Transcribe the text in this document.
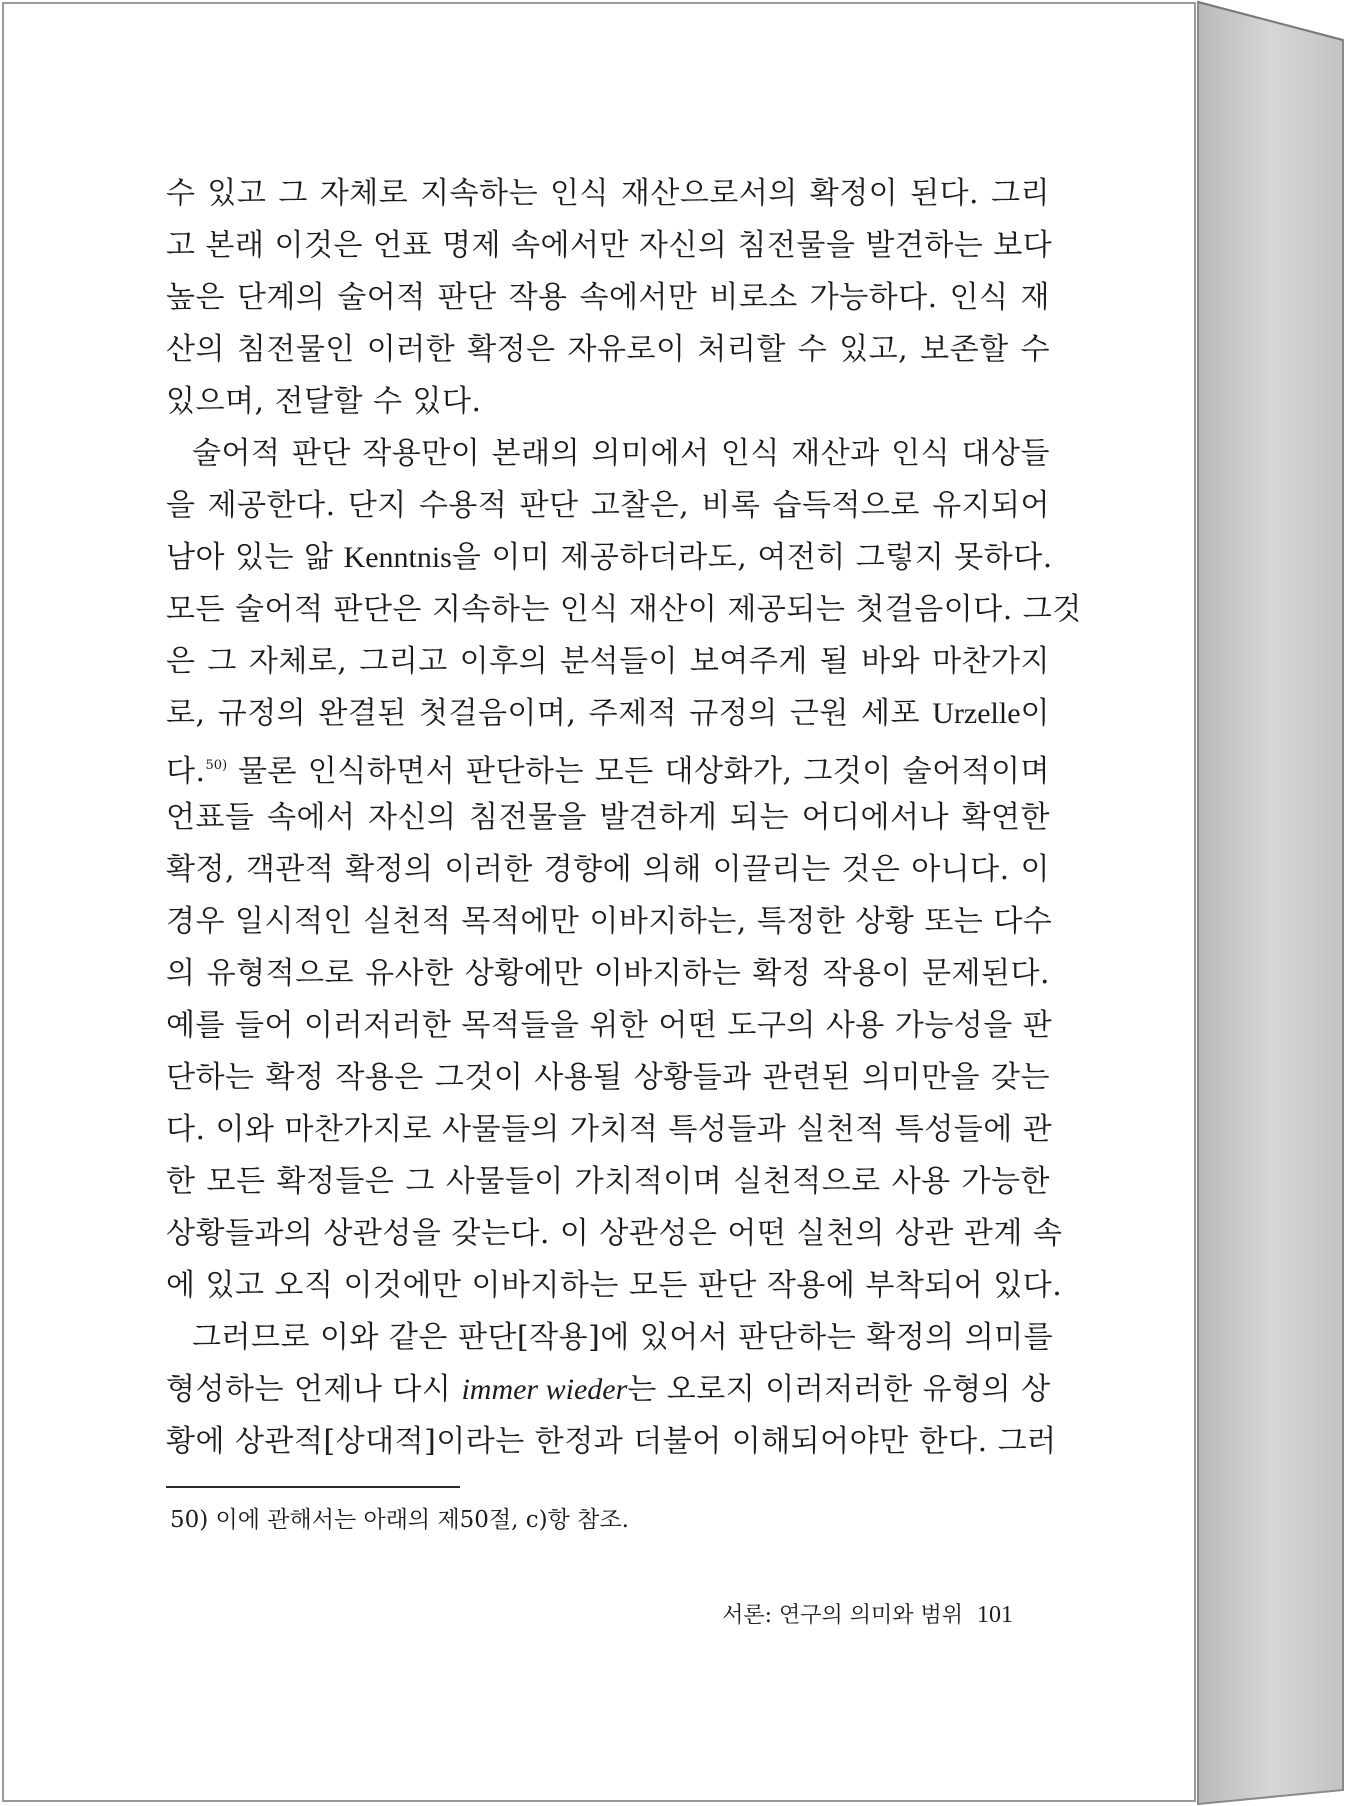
수 있고 그 자체로 지속하는 인식 재산으로서의 확정이 된다. 그리
고 본래 이것은 언표 명제 속에서만 자신의 침전물을 발견하는 보다
높은 단계의 술어적 판단 작용 속에서만 비로소 가능하다. 인식 재
산의 침전물인 이러한 확정은 자유로이 처리할 수 있고, 보존할 수
있으며, 전달할 수 있다.
술어적 판단 작용만이 본래의 의미에서 인식 재산과 인식 대상들
을 제공한다. 단지 수용적 판단 고찰은, 비록 습득적으로 유지되어
남아 있는 앎 Kenntnis을 이미 제공하더라도, 여전히 그렇지 못하다.
모든 술어적 판단은 지속하는 인식 재산이 제공되는 첫걸음이다. 그것
은 그 자체로, 그리고 이후의 분석들이 보여주게 될 바와 마찬가지
로, 규정의 완결된 첫걸음이며, 주제적 규정의 근원 세포 Urzelle이
다.$^{50)}$ 물론 인식하면서 판단하는 모든 대상화가, 그것이 술어적이며
언표들 속에서 자신의 침전물을 발견하게 되는 어디에서나 확연한
확정, 객관적 확정의 이러한 경향에 의해 이끌리는 것은 아니다. 이
경우 일시적인 실천적 목적에만 이바지하는, 특정한 상황 또는 다수
의 유형적으로 유사한 상황에만 이바지하는 확정 작용이 문제된다.
예를 들어 이러저러한 목적들을 위한 어떤 도구의 사용 가능성을 판
단하는 확정 작용은 그것이 사용될 상황들과 관련된 의미만을 갖는
다. 이와 마찬가지로 사물들의 가치적 특성들과 실천적 특성들에 관
한 모든 확정들은 그 사물들이 가치적이며 실천적으로 사용 가능한
상황들과의 상관성을 갖는다. 이 상관성은 어떤 실천의 상관 관계 속
에 있고 오직 이것에만 이바지하는 모든 판단 작용에 부착되어 있다.
그러므로 이와 같은 판단[작용]에 있어서 판단하는 확정의 의미를
형성하는 언제나 다시 immer wieder는 오로지 이러저러한 유형의 상
황에 상관적[상대적]이라는 한정과 더불어 이해되어야만 한다. 그러
50) 이에 관해서는 아래의 제50절, c)항 참조.
서론: 연구의 의미와 범위 101
